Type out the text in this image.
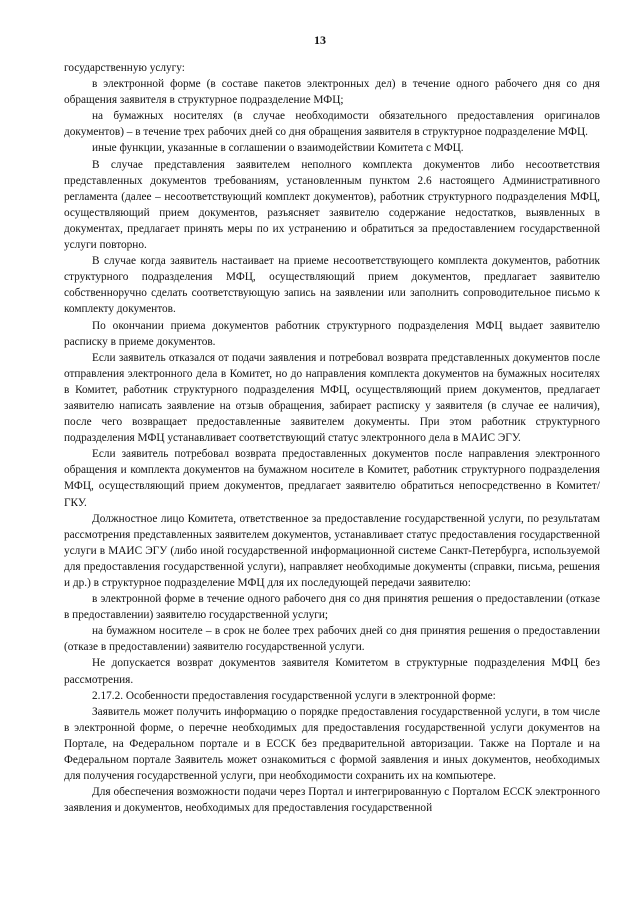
13

государственную услугу:

в электронной форме (в составе пакетов электронных дел) в течение одного рабочего дня со дня обращения заявителя в структурное подразделение МФЦ;

на бумажных носителях (в случае необходимости обязательного предоставления оригиналов документов) – в течение трех рабочих дней со дня обращения заявителя в структурное подразделение МФЦ.

иные функции, указанные в соглашении о взаимодействии Комитета с МФЦ.

В случае представления заявителем неполного комплекта документов либо несоответствия представленных документов требованиям, установленным пунктом 2.6 настоящего Административного регламента (далее – несоответствующий комплект документов), работник структурного подразделения МФЦ, осуществляющий прием документов, разъясняет заявителю содержание недостатков, выявленных в документах, предлагает принять меры по их устранению и обратиться за предоставлением государственной услуги повторно.

В случае когда заявитель настаивает на приеме несоответствующего комплекта документов, работник структурного подразделения МФЦ, осуществляющий прием документов, предлагает заявителю собственноручно сделать соответствующую запись на заявлении или заполнить сопроводительное письмо к комплекту документов.

По окончании приема документов работник структурного подразделения МФЦ выдает заявителю расписку в приеме документов.

Если заявитель отказался от подачи заявления и потребовал возврата представленных документов после отправления электронного дела в Комитет, но до направления комплекта документов на бумажных носителях в Комитет, работник структурного подразделения МФЦ, осуществляющий прием документов, предлагает заявителю написать заявление на отзыв обращения, забирает расписку у заявителя (в случае ее наличия), после чего возвращает предоставленные заявителем документы. При этом работник структурного подразделения МФЦ устанавливает соответствующий статус электронного дела в МАИС ЭГУ.

Если заявитель потребовал возврата предоставленных документов после направления электронного обращения и комплекта документов на бумажном носителе в Комитет, работник структурного подразделения МФЦ, осуществляющий прием документов, предлагает заявителю обратиться непосредственно в Комитет/ГКУ.

Должностное лицо Комитета, ответственное за предоставление государственной услуги, по результатам рассмотрения представленных заявителем документов, устанавливает статус предоставления государственной услуги в МАИС ЭГУ (либо иной государственной информационной системе Санкт-Петербурга, используемой для предоставления государственной услуги), направляет необходимые документы (справки, письма, решения и др.) в структурное подразделение МФЦ для их последующей передачи заявителю:

в электронной форме в течение одного рабочего дня со дня принятия решения о предоставлении (отказе в предоставлении) заявителю государственной услуги;

на бумажном носителе – в срок не более трех рабочих дней со дня принятия решения о предоставлении (отказе в предоставлении) заявителю государственной услуги.

Не допускается возврат документов заявителя Комитетом в структурные подразделения МФЦ без рассмотрения.

2.17.2. Особенности предоставления государственной услуги в электронной форме:

Заявитель может получить информацию о порядке предоставления государственной услуги, в том числе в электронной форме, о перечне необходимых для предоставления государственной услуги документов на Портале, на Федеральном портале и в ЕССК без предварительной авторизации. Также на Портале и на Федеральном портале Заявитель может ознакомиться с формой заявления и иных документов, необходимых для получения государственной услуги, при необходимости сохранить их на компьютере.

Для обеспечения возможности подачи через Портал и интегрированную с Порталом ЕССК электронного заявления и документов, необходимых для предоставления государственной
